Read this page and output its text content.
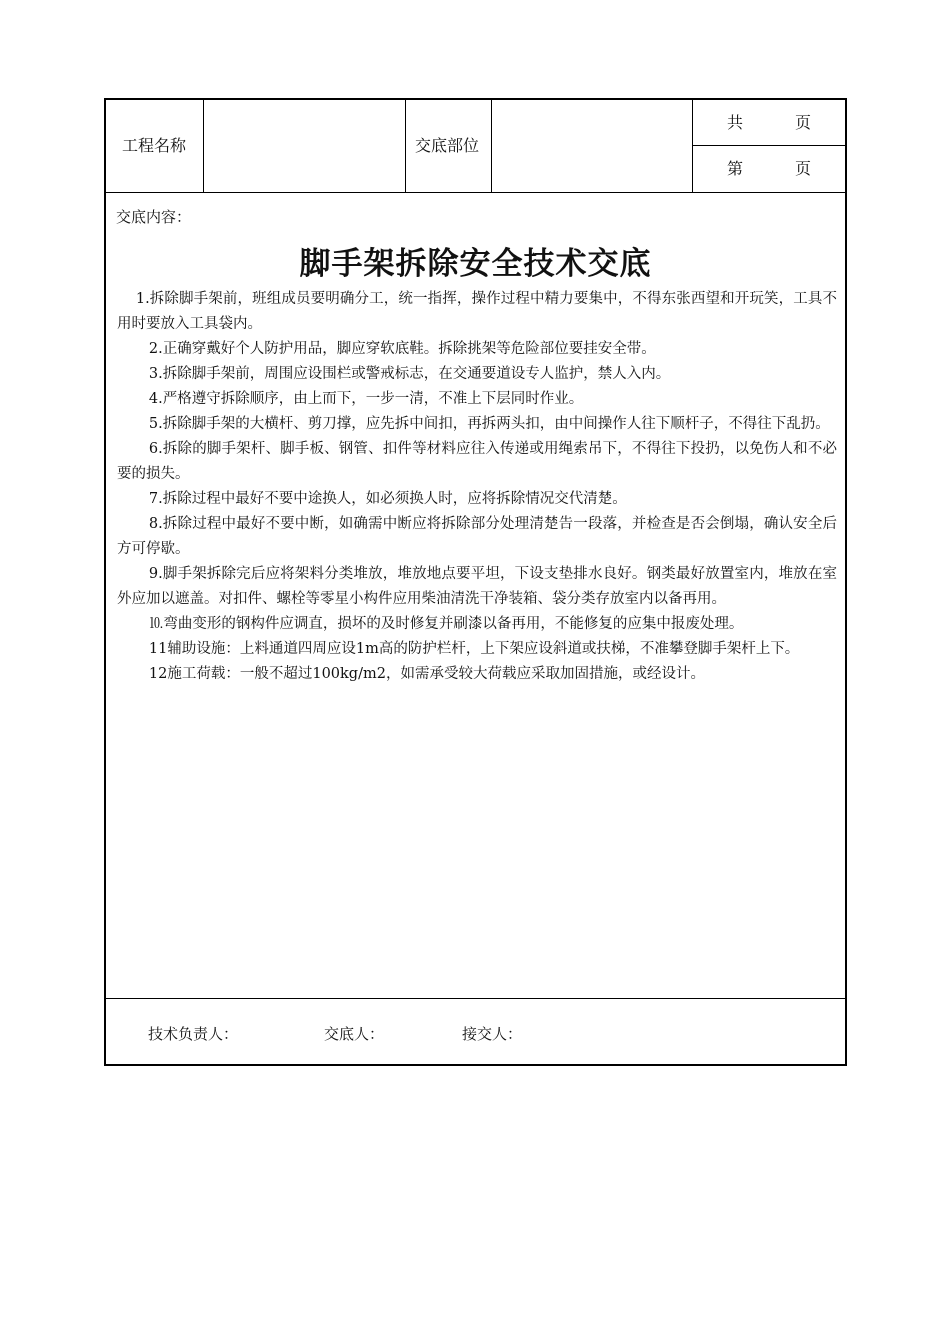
工程名称	交底部位
共	页
第	页
交底内容：
脚手架拆除安全技术交底

1.拆除脚手架前，班组成员要明确分工，统一指挥，操作过程中精力要集中，不得东张西望和开玩笑，工具不用时要放入工具袋内。

2.正确穿戴好个人防护用品，脚应穿软底鞋。拆除挑架等危险部位要挂安全带。

3.拆除脚手架前，周围应设围栏或警戒标志，在交通要道设专人监护，禁人入内。

4.严格遵守拆除顺序，由上而下，一步一清，不准上下层同时作业。

5.拆除脚手架的大横杆、剪刀撑，应先拆中间扣，再拆两头扣，由中间操作人往下顺杆子，不得往下乱扔。

6.拆除的脚手架杆、脚手板、钢管、扣件等材料应往入传递或用绳索吊下，不得往下投扔，以免伤人和不必要的损失。

7.拆除过程中最好不要中途换人，如必须换人时，应将拆除情况交代清楚。

8.拆除过程中最好不要中断，如确需中断应将拆除部分处理清楚告一段落，并检查是否会倒塌，确认安全后方可停歇。

9.脚手架拆除完后应将架料分类堆放，堆放地点要平坦，下设支垫排水良好。钢类最好放置室内，堆放在室外应加以遮盖。对扣件、螺栓等零星小构件应用柴油清洗干净装箱、袋分类存放室内以备再用。

⒑弯曲变形的钢构件应调直，损坏的及时修复并刷漆以备再用，不能修复的应集中报废处理。

11辅助设施：上料通道四周应设1m高的防护栏杆，上下架应设斜道或扶梯，不准攀登脚手架杆上下。

12施工荷载：一般不超过100kg/m2，如需承受较大荷载应采取加固措施，或经设计。

技术负责人：	交底人：	接交人：
